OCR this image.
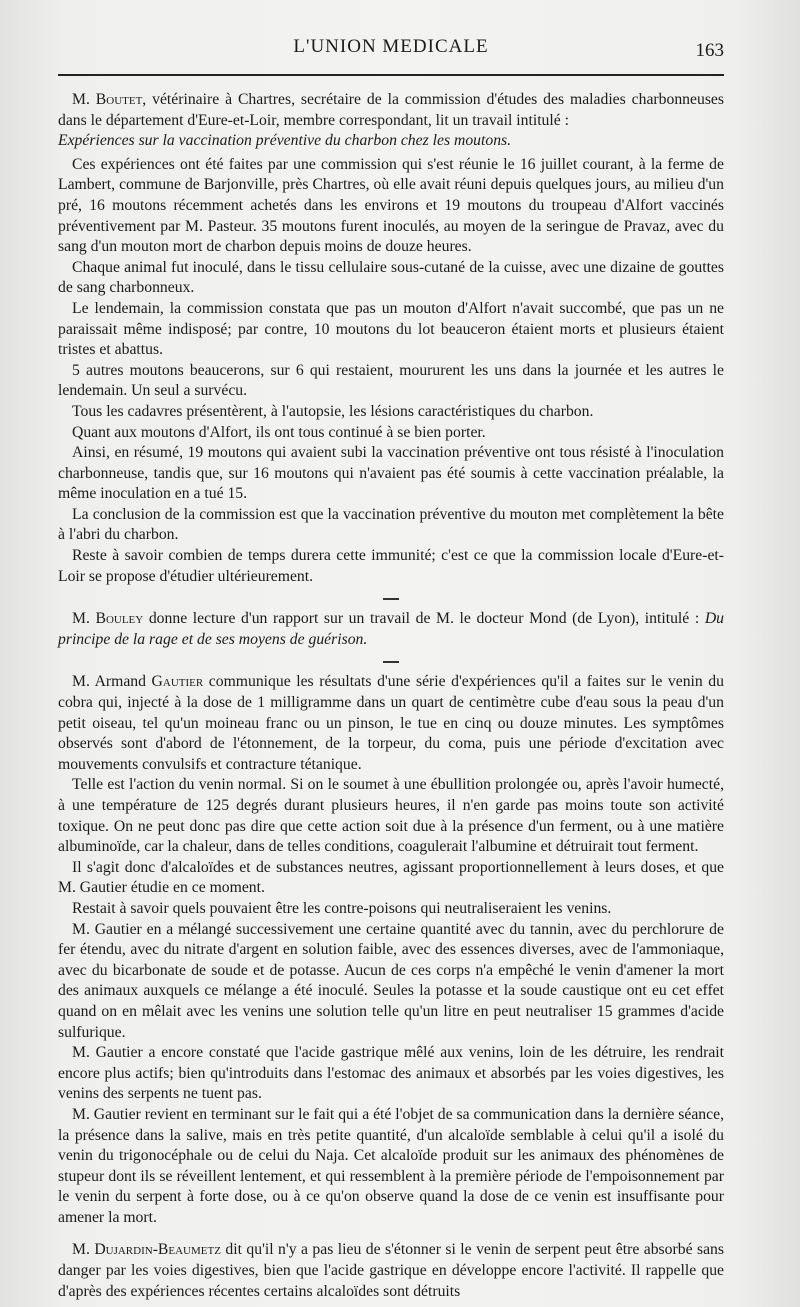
L'UNION MEDICALE	163

M. Boutet, vétérinaire à Chartres, secrétaire de la commission d'études des maladies charbonneuses dans le département d'Eure-et-Loir, membre correspondant, lit un travail intitulé :

Expériences sur la vaccination préventive du charbon chez les moutons.

Ces expériences ont été faites par une commission qui s'est réunie le 16 juillet courant, à la ferme de Lambert, commune de Barjonville, près Chartres, où elle avait réuni depuis quelques jours, au milieu d'un pré, 16 moutons récemment achetés dans les environs et 19 moutons du troupeau d'Alfort vaccinés préventivement par M. Pasteur. 35 moutons furent inoculés, au moyen de la seringue de Pravaz, avec du sang d'un mouton mort de charbon depuis moins de douze heures.

Chaque animal fut inoculé, dans le tissu cellulaire sous-cutané de la cuisse, avec une dizaine de gouttes de sang charbonneux.

Le lendemain, la commission constata que pas un mouton d'Alfort n'avait succombé, que pas un ne paraissait même indisposé; par contre, 10 moutons du lot beauceron étaient morts et plusieurs étaient tristes et abattus.

5 autres moutons beaucerons, sur 6 qui restaient, moururent les uns dans la journée et les autres le lendemain. Un seul a survécu.

Tous les cadavres présentèrent, à l'autopsie, les lésions caractéristiques du charbon.

Quant aux moutons d'Alfort, ils ont tous continué à se bien porter.

Ainsi, en résumé, 19 moutons qui avaient subi la vaccination préventive ont tous résisté à l'inoculation charbonneuse, tandis que, sur 16 moutons qui n'avaient pas été soumis à cette vaccination préalable, la même inoculation en a tué 15.

La conclusion de la commission est que la vaccination préventive du mouton met complètement la bête à l'abri du charbon.

Reste à savoir combien de temps durera cette immunité; c'est ce que la commission locale d'Eure-et-Loir se propose d'étudier ultérieurement.

M. Bouley donne lecture d'un rapport sur un travail de M. le docteur Mond (de Lyon), intitulé : Du principe de la rage et de ses moyens de guérison.

M. Armand Gautier communique les résultats d'une série d'expériences qu'il a faites sur le venin du cobra qui, injecté à la dose de 1 milligramme dans un quart de centimètre cube d'eau sous la peau d'un petit oiseau, tel qu'un moineau franc ou un pinson, le tue en cinq ou douze minutes. Les symptômes observés sont d'abord de l'étonnement, de la torpeur, du coma, puis une période d'excitation avec mouvements convulsifs et contracture tétanique.

Telle est l'action du venin normal. Si on le soumet à une ébullition prolongée ou, après l'avoir humecté, à une température de 125 degrés durant plusieurs heures, il n'en garde pas moins toute son activité toxique. On ne peut donc pas dire que cette action soit due à la présence d'un ferment, ou à une matière albuminoïde, car la chaleur, dans de telles conditions, coagulerait l'albumine et détruirait tout ferment.

Il s'agit donc d'alcaloïdes et de substances neutres, agissant proportionnellement à leurs doses, et que M. Gautier étudie en ce moment.

Restait à savoir quels pouvaient être les contre-poisons qui neutraliseraient les venins.

M. Gautier en a mélangé successivement une certaine quantité avec du tannin, avec du perchlorure de fer étendu, avec du nitrate d'argent en solution faible, avec des essences diverses, avec de l'ammoniaque, avec du bicarbonate de soude et de potasse. Aucun de ces corps n'a empêché le venin d'amener la mort des animaux auxquels ce mélange a été inoculé. Seules la potasse et la soude caustique ont eu cet effet quand on en mêlait avec les venins une solution telle qu'un litre en peut neutraliser 15 grammes d'acide sulfurique.

M. Gautier a encore constaté que l'acide gastrique mêlé aux venins, loin de les détruire, les rendrait encore plus actifs; bien qu'introduits dans l'estomac des animaux et absorbés par les voies digestives, les venins des serpents ne tuent pas.

M. Gautier revient en terminant sur le fait qui a été l'objet de sa communication dans la dernière séance, la présence dans la salive, mais en très petite quantité, d'un alcaloïde semblable à celui qu'il a isolé du venin du trigonocéphale ou de celui du Naja. Cet alcaloïde produit sur les animaux des phénomènes de stupeur dont ils se réveillent lentement, et qui ressemblent à la première période de l'empoisonnement par le venin du serpent à forte dose, ou à ce qu'on observe quand la dose de ce venin est insuffisante pour amener la mort.

M. Dujardin-Beaumetz dit qu'il n'y a pas lieu de s'étonner si le venin de serpent peut être absorbé sans danger par les voies digestives, bien que l'acide gastrique en développe encore l'activité. Il rappelle que d'après des expériences récentes certains alcaloïdes sont détruits
